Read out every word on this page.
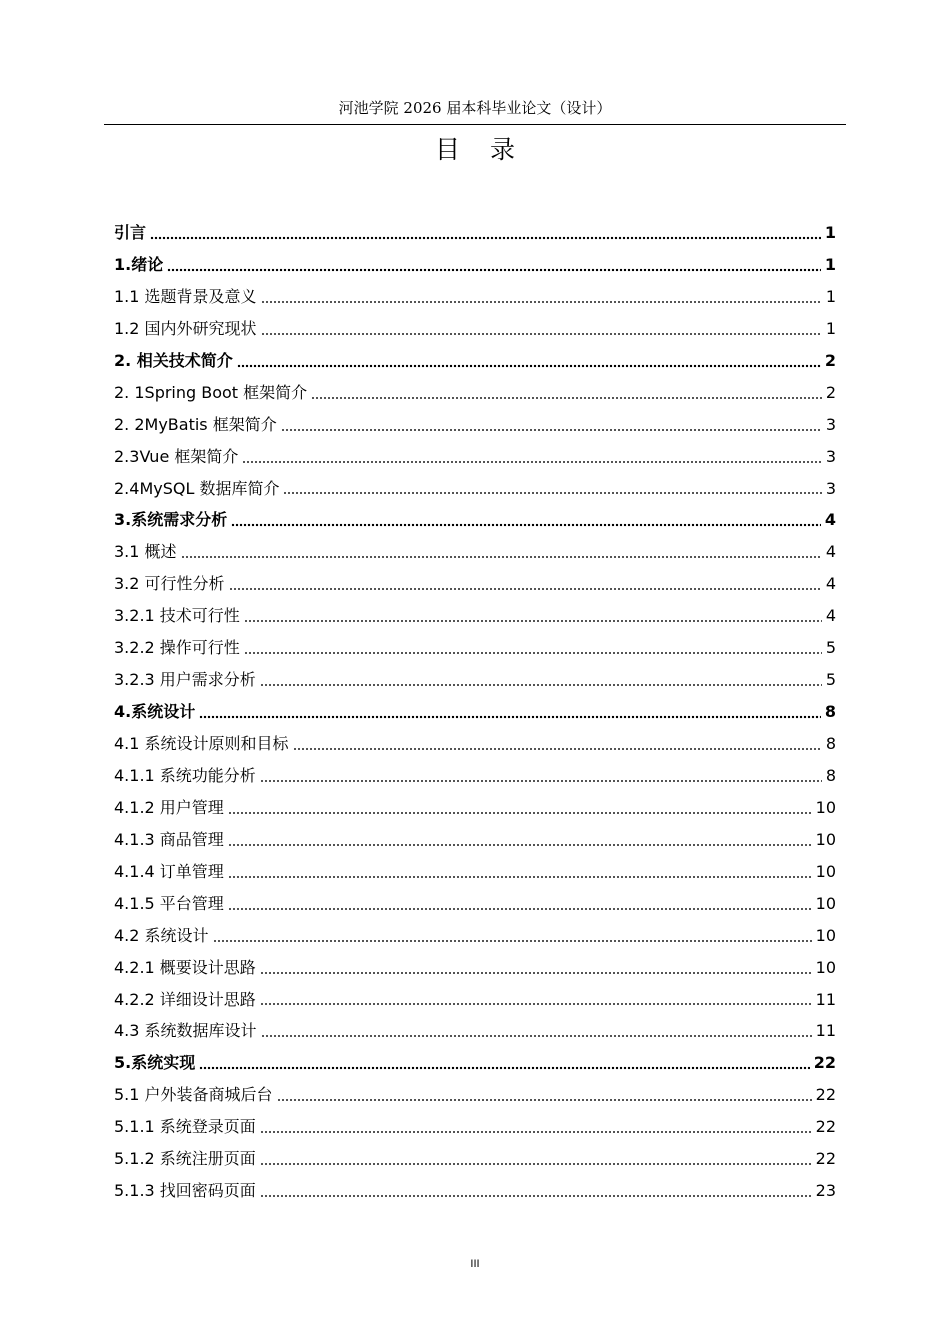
河池学院 2026 届本科毕业论文（设计）
目录
引言	1
1.绪论	1
1.1 选题背景及意义	1
1.2 国内外研究现状	1
2. 相关技术简介	2
2. 1Spring Boot 框架简介	2
2. 2MyBatis 框架简介	3
2.3Vue 框架简介	3
2.4MySQL 数据库简介	3
3.系统需求分析	4
3.1 概述	4
3.2 可行性分析	4
3.2.1 技术可行性	4
3.2.2 操作可行性	5
3.2.3 用户需求分析	5
4.系统设计	8
4.1 系统设计原则和目标	8
4.1.1 系统功能分析	8
4.1.2 用户管理	10
4.1.3 商品管理	10
4.1.4 订单管理	10
4.1.5 平台管理	10
4.2 系统设计	10
4.2.1 概要设计思路	10
4.2.2 详细设计思路	11
4.3 系统数据库设计	11
5.系统实现	22
5.1 户外装备商城后台	22
5.1.1 系统登录页面	22
5.1.2 系统注册页面	22
5.1.3 找回密码页面	23
III
